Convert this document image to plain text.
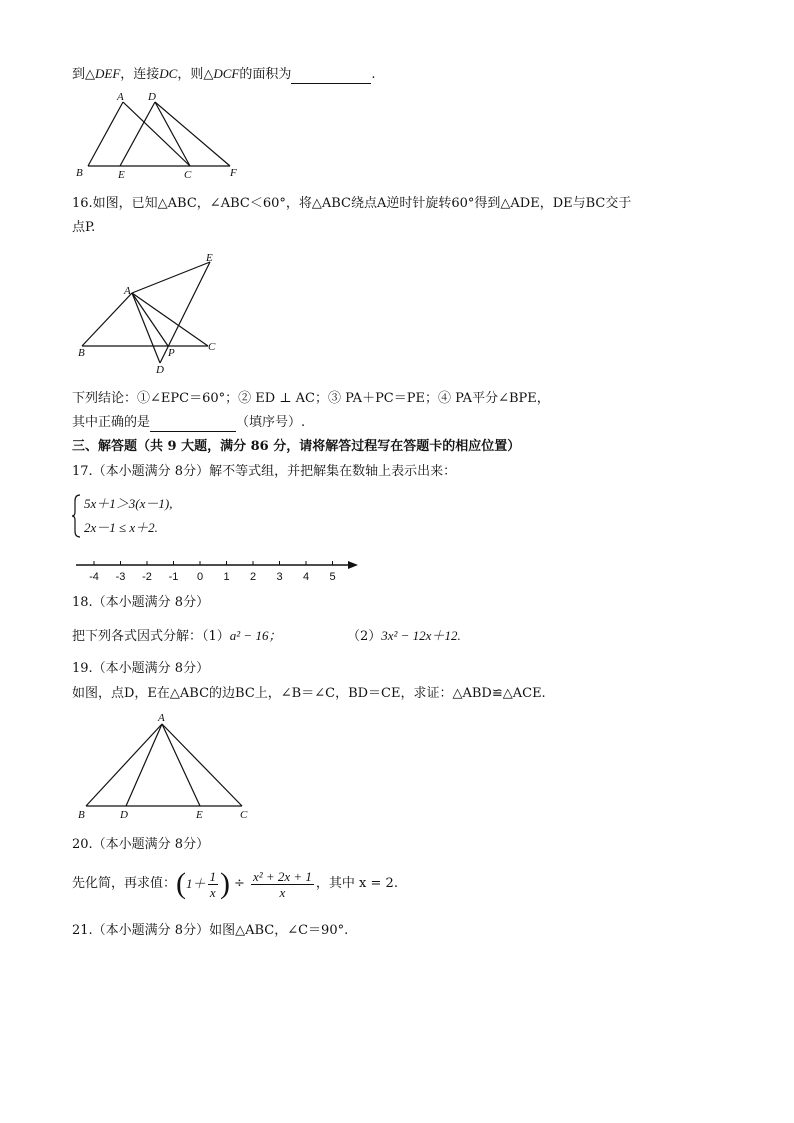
到△DEF，连接DC，则△DCF的面积为	.
A D
B	E	C	F
16.如图，已知△ABC，∠ABC＜60°，将△ABC绕点A逆时针旋转60°得到△ADE，DE与BC交于
点P.
E
A
B	P	C
D
下列结论：①∠EPC＝60°；② ED ⊥ AC；③ PA＋PC＝PE；④ PA平分∠BPE，
其中正确的是	（填序号）.
三、解答题（共 9 大题，满分 86 分，请将解答过程写在答题卡的相应位置）
17.（本小题满分 8分）解不等式组，并把解集在数轴上表示出来：
5x＋1＞3(x－1),
2x－1 ≤ x＋2.
-4 -3 -2 -1 0 1 2 3 4 5
18.（本小题满分 8分）
把下列各式因式分解：（1）a² − 16；	（2）3x² − 12x＋12.
19.（本小题满分 8分）
如图，点D，E在△ABC的边BC上，∠B＝∠C，BD＝CE，求证：△ABD≌△ACE.
A
B	D	E	C
20.（本小题满分 8分）
先化简，再求值：($1+ \frac{1}{x}$ ) ÷ $\frac{\text{x² + 2x + 1}}{x}$ ，其中 x = 2.
21.（本小题满分 8分）如图△ABC，∠C＝90°.
